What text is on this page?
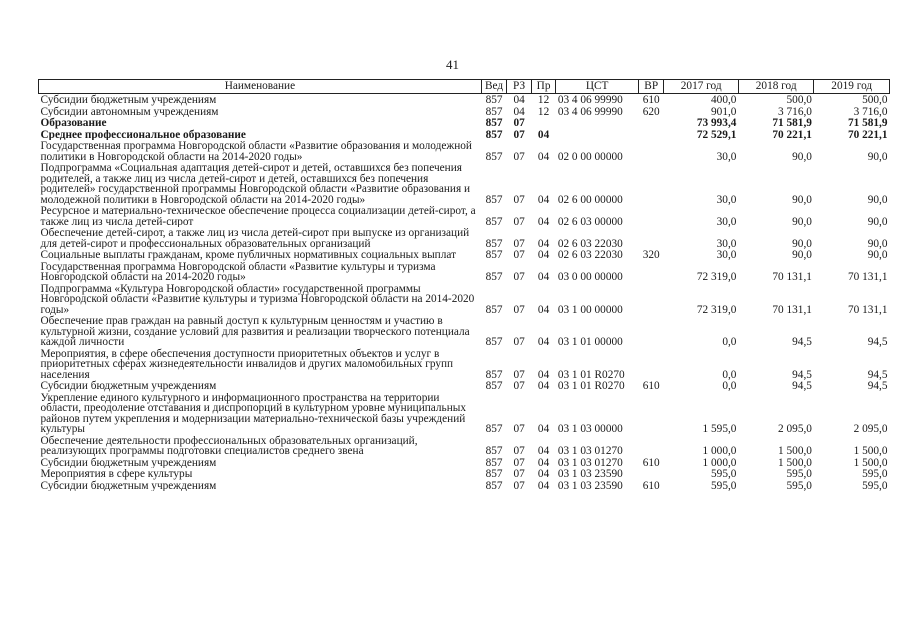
41
Наименование	Вед	РЗ	Пр	ЦСТ	ВР	2017 год	2018 год	2019 год
Субсидии бюджетным учреждениям	857	04	12	03 4 06 99990	610	400,0	500,0	500,0
Субсидии автономным учреждениям	857	04	12	03 4 06 99990	620	901,0	3 716,0	3 716,0
Образование	857	07				73 993,4	71 581,9	71 581,9
Среднее профессиональное образование	857	07	04			72 529,1	70 221,1	70 221,1
Государственная программа Новгородской области «Развитие образования и молодежной политики в Новгородской области на 2014-2020 годы»	857	07	04	02 0 00 00000		30,0	90,0	90,0
Подпрограмма «Социальная адаптация детей-сирот и детей, оставшихся без попечения родителей, а также лиц из числа детей-сирот и детей, оставшихся без попечения родителей» государственной программы Новгородской области «Развитие образования и молодежной политики в Новгородской области на 2014-2020 годы»	857	07	04	02 6 00 00000		30,0	90,0	90,0
Ресурсное и материально-техническое обеспечение процесса социализации детей-сирот, а также лиц из числа детей-сирот	857	07	04	02 6 03 00000		30,0	90,0	90,0
Обеспечение детей-сирот, а также лиц из числа детей-сирот при выпуске из организаций для детей-сирот и профессиональных образовательных организаций	857	07	04	02 6 03 22030		30,0	90,0	90,0
Социальные выплаты гражданам, кроме публичных нормативных социальных выплат	857	07	04	02 6 03 22030	320	30,0	90,0	90,0
Государственная программа Новгородской области «Развитие культуры и туризма Новгородской области на 2014-2020 годы»	857	07	04	03 0 00 00000		72 319,0	70 131,1	70 131,1
Подпрограмма «Культура Новгородской области» государственной программы Новгородской области «Развитие культуры и туризма Новгородской области на 2014-2020 годы»	857	07	04	03 1 00 00000		72 319,0	70 131,1	70 131,1
Обеспечение прав граждан на равный доступ к культурным ценностям и участию в культурной жизни, создание условий для развития и реализации творческого потенциала каждой личности	857	07	04	03 1 01 00000		0,0	94,5	94,5
Мероприятия, в сфере обеспечения доступности приоритетных объектов и услуг в приоритетных сферах жизнедеятельности инвалидов и других маломобильных групп населения	857	07	04	03 1 01 R0270		0,0	94,5	94,5
Субсидии бюджетным учреждениям	857	07	04	03 1 01 R0270	610	0,0	94,5	94,5
Укрепление единого культурного и информационного пространства на территории области, преодоление отставания и диспропорций в культурном уровне муниципальных районов путем укрепления и модернизации материально-технической базы учреждений культуры	857	07	04	03 1 03 00000		1 595,0	2 095,0	2 095,0
Обеспечение деятельности профессиональных образовательных организаций, реализующих программы подготовки специалистов среднего звена	857	07	04	03 1 03 01270		1 000,0	1 500,0	1 500,0
Субсидии бюджетным учреждениям	857	07	04	03 1 03 01270	610	1 000,0	1 500,0	1 500,0
Мероприятия в сфере культуры	857	07	04	03 1 03 23590		595,0	595,0	595,0
Субсидии бюджетным учреждениям	857	07	04	03 1 03 23590	610	595,0	595,0	595,0
